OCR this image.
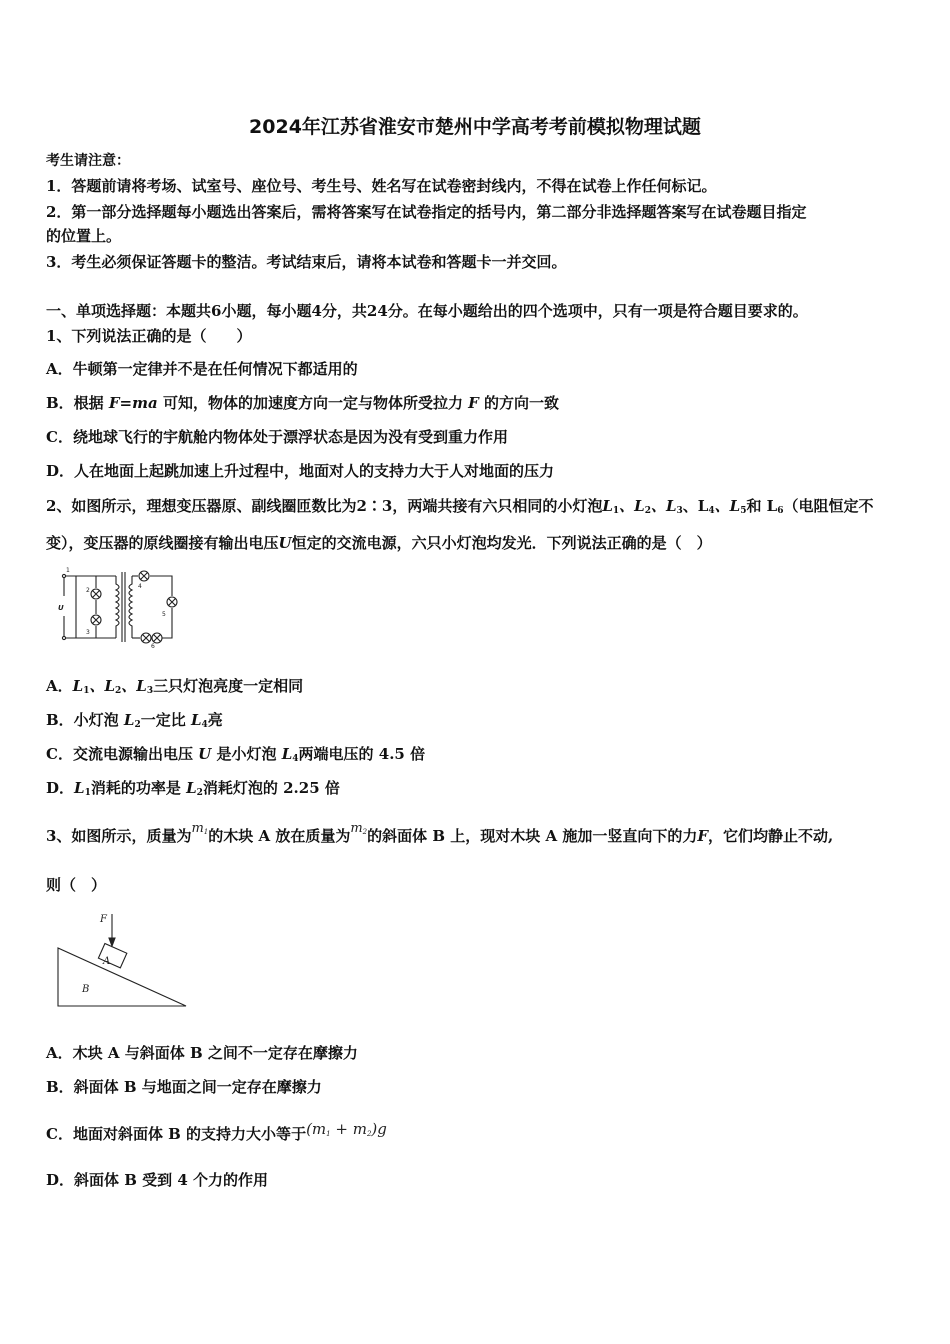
2024年江苏省淮安市楚州中学高考考前模拟物理试题
考生请注意：
1．答题前请将考场、试室号、座位号、考生号、姓名写在试卷密封线内，不得在试卷上作任何标记。
2．第一部分选择题每小题选出答案后，需将答案写在试卷指定的括号内，第二部分非选择题答案写在试卷题目指定
的位置上。
3．考生必须保证答题卡的整洁。考试结束后，请将本试卷和答题卡一并交回。
一、单项选择题：本题共6小题，每小题4分，共24分。在每小题给出的四个选项中，只有一项是符合题目要求的。
1、下列说法正确的是（　　）
A．牛顿第一定律并不是在任何情况下都适用的
B．根据 F=ma 可知，物体的加速度方向一定与物体所受拉力 F 的方向一致
C．绕地球飞行的宇航舱内物体处于漂浮状态是因为没有受到重力作用
D．人在地面上起跳加速上升过程中，地面对人的支持力大于人对地面的压力
2、如图所示，理想变压器原、副线圈匝数比为2∶3，两端共接有六只相同的小灯泡$L_1$、$L_2$、$L_3$、$L_4$、$L_5$和 $L_6$（电阻恒定不
变），变压器的原线圈接有输出电压U恒定的交流电源，六只小灯泡均发光．下列说法正确的是（　）
1
2
3
4
5
6
U
A．$L_1$、$L_2$、$L_3$三只灯泡亮度一定相同
B．小灯泡 $L_2$一定比 $L_4$亮
C．交流电源输出电压 U 是小灯泡 $L_4$两端电压的 4.5 倍
D．$L_1$消耗的功率是 $L_2$消耗灯泡的 2.25 倍
3、如图所示，质量为$m_1$的木块 A 放在质量为$m_2$的斜面体 B 上，现对木块 A 施加一竖直向下的力F，它们均静止不动,
则（　）
F
A
B
A．木块 A 与斜面体 B 之间不一定存在摩擦力
B．斜面体 B 与地面之间一定存在摩擦力
C．地面对斜面体 B 的支持力大小等于$(m_1 + m_2)g$
D．斜面体 B 受到 4 个力的作用
